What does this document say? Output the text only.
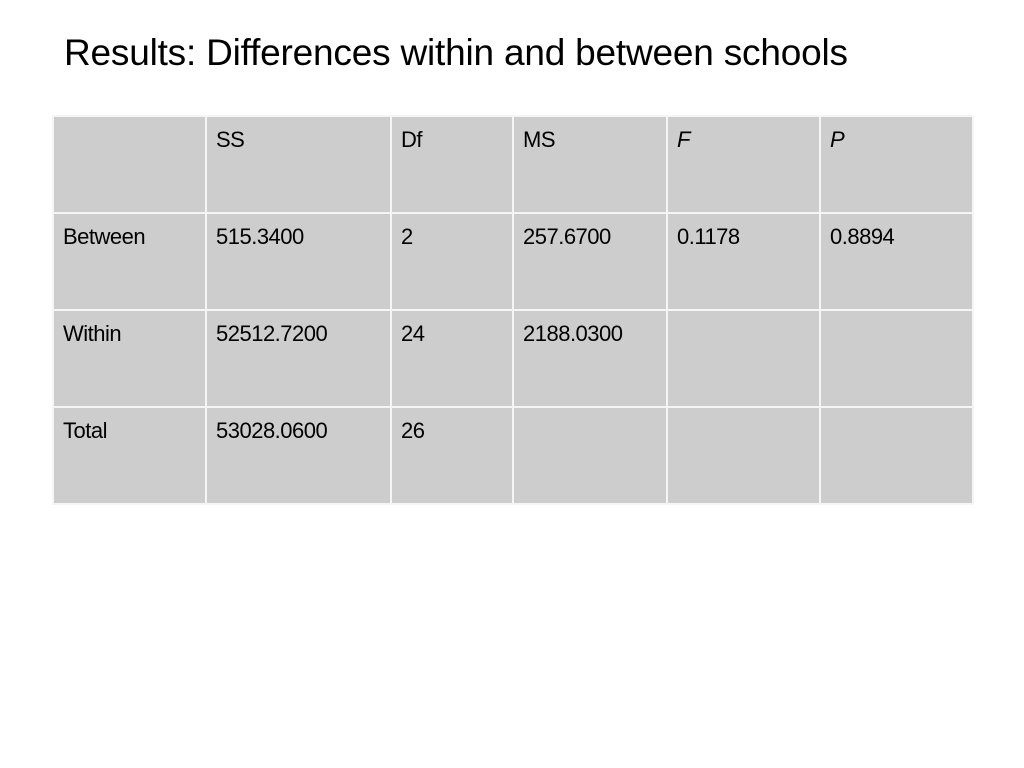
Results: Differences within and between schools
	SS	Df	MS	F	P
Between	515.3400	2	257.6700	0.1178	0.8894
Within	52512.7200	24	2188.0300		
Total	53028.0600	26			
